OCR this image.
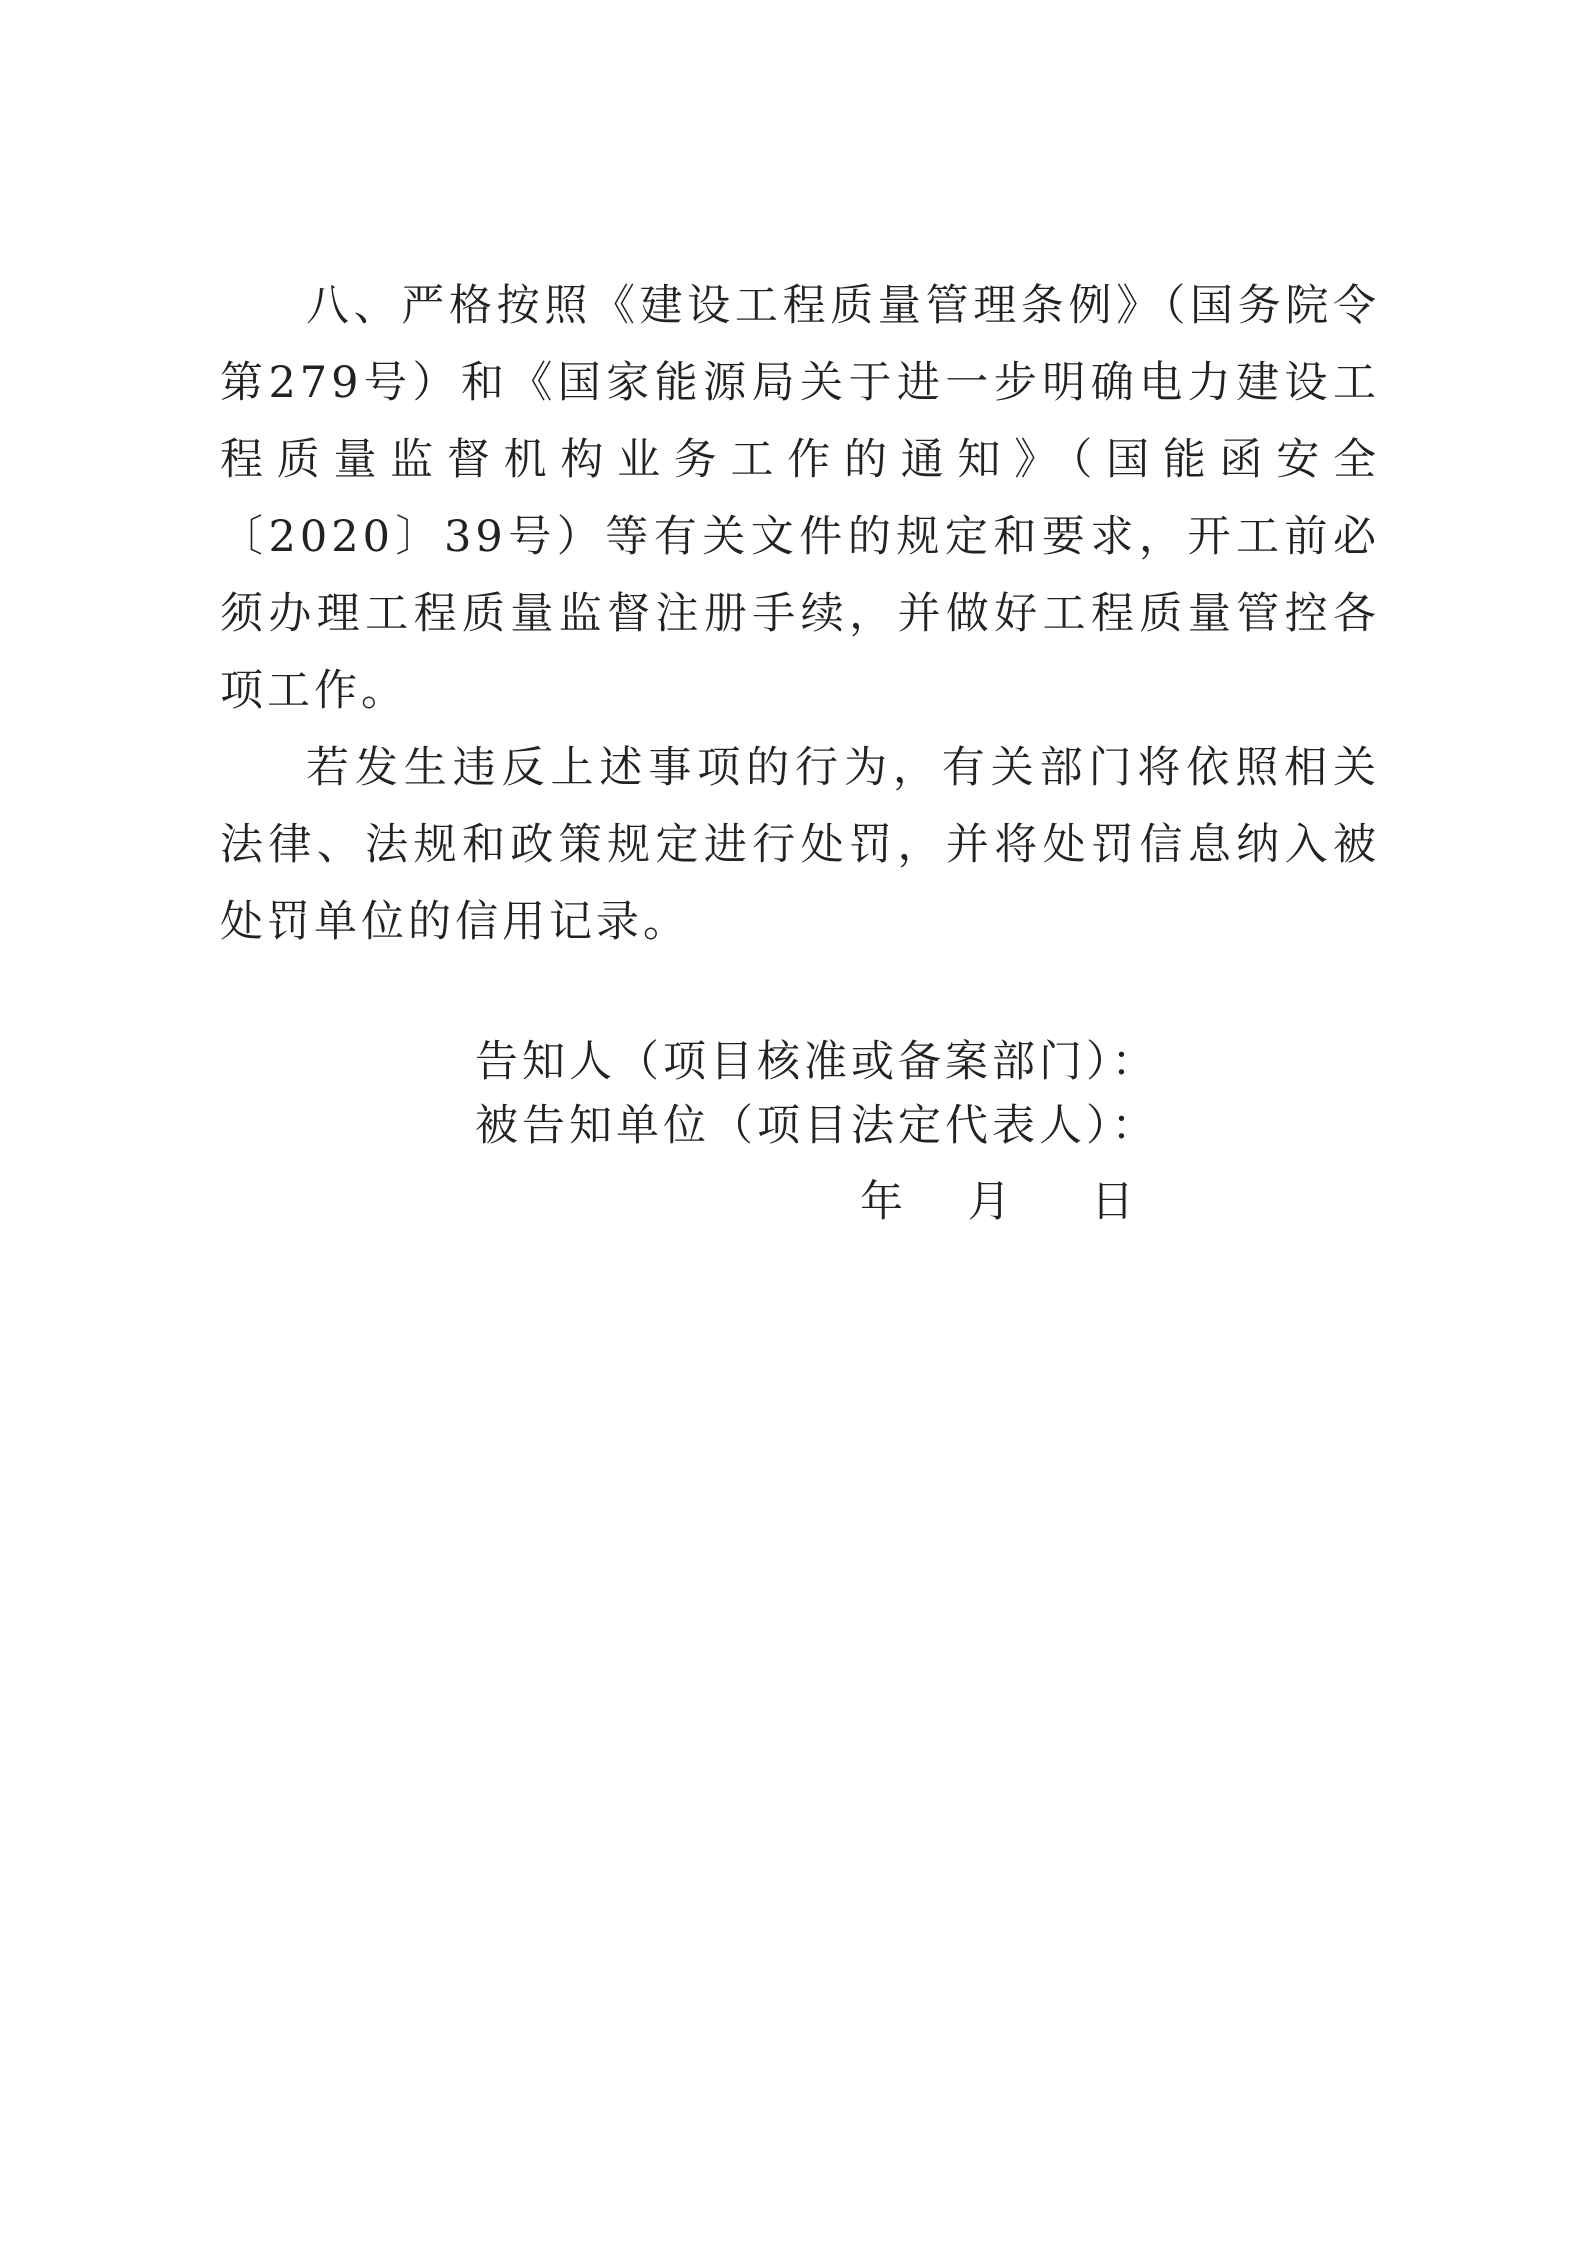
八、严格按照《建设工程质量管理条例》（国务院令第279号）和《国家能源局关于进一步明确电力建设工程质量监督机构业务工作的通知》（国能函安全〔2020〕39号）等有关文件的规定和要求，开工前必须办理工程质量监督注册手续，并做好工程质量管控各项工作。

若发生违反上述事项的行为，有关部门将依照相关法律、法规和政策规定进行处罚，并将处罚信息纳入被处罚单位的信用记录。

告知人（项目核准或备案部门）：

被告知单位（项目法定代表人）：

年    月     日
